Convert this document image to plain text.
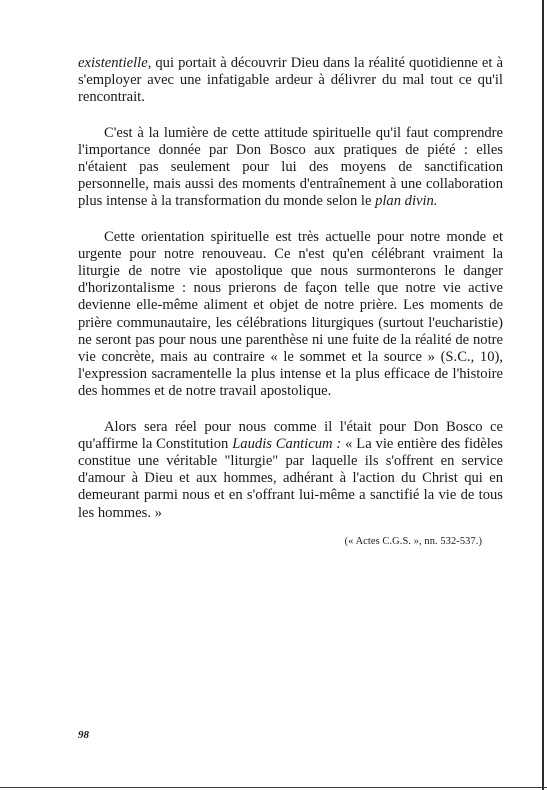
existentielle, qui portait à découvrir Dieu dans la réalité quotidienne et à s'employer avec une infatigable ardeur à délivrer du mal tout ce qu'il rencontrait.

C'est à la lumière de cette attitude spirituelle qu'il faut comprendre l'importance donnée par Don Bosco aux pratiques de piété : elles n'étaient pas seulement pour lui des moyens de sanctification personnelle, mais aussi des moments d'entraînement à une collaboration plus intense à la transformation du monde selon le plan divin.

Cette orientation spirituelle est très actuelle pour notre monde et urgente pour notre renouveau. Ce n'est qu'en célébrant vraiment la liturgie de notre vie apostolique que nous surmonterons le danger d'horizontalisme : nous prierons de façon telle que notre vie active devienne elle-même aliment et objet de notre prière. Les moments de prière communautaire, les célébrations liturgiques (surtout l'eucharistie) ne seront pas pour nous une parenthèse ni une fuite de la réalité de notre vie concrète, mais au contraire « le sommet et la source » (S.C., 10), l'expression sacramentelle la plus intense et la plus efficace de l'histoire des hommes et de notre travail apostolique.

Alors sera réel pour nous comme il l'était pour Don Bosco ce qu'affirme la Constitution Laudis Canticum : « La vie entière des fidèles constitue une véritable "liturgie" par laquelle ils s'offrent en service d'amour à Dieu et aux hommes, adhérant à l'action du Christ qui en demeurant parmi nous et en s'offrant lui-même a sanctifié la vie de tous les hommes. »

(« Actes C.G.S. », nn. 532-537.)

98
